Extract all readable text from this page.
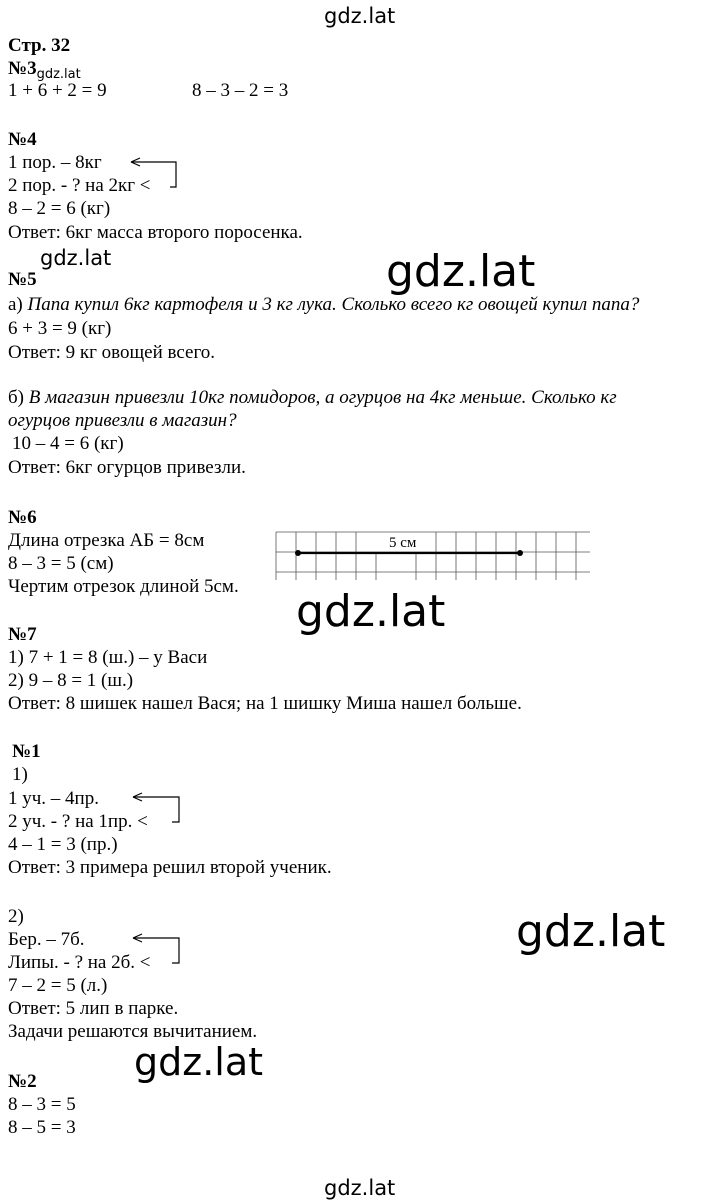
gdz.lat
gdz.lat	gdz.lat
gdz.lat
gdz.lat
gdz.lat
gdz.lat
Стр. 32
$№3_{gdz.lat}$
1 + 6 + 2 = 9	8 – 3 – 2 = 3
№4
1 пор. – 8кг
2 пор. - ? на 2кг <
8 – 2 = 6 (кг)
Ответ: 6кг масса второго поросенка.
№5
а) Папа купил 6кг картофеля и 3 кг лука. Сколько всего кг овощей купил папа?
6 + 3 = 9 (кг)
Ответ: 9 кг овощей всего.
б) В магазин привезли 10кг помидоров, а огурцов на 4кг меньше. Сколько кг
огурцов привезли в магазин?
10 – 4 = 6 (кг)
Ответ: 6кг огурцов привезли.
№6
Длина отрезка АБ = 8см
8 – 3 = 5 (см)
Чертим отрезок длиной 5см.
5 см
№7
1) 7 + 1 = 8 (ш.) – у Васи
2) 9 – 8 = 1 (ш.)
Ответ: 8 шишек нашел Вася; на 1 шишку Миша нашел больше.
№1
1)
1 уч. – 4пр.
2 уч. - ? на 1пр. <
4 – 1 = 3 (пр.)
Ответ: 3 примера решил второй ученик.
2)
Бер. – 7б.
Липы. - ? на 2б. <
7 – 2 = 5 (л.)
Ответ: 5 лип в парке.
Задачи решаются вычитанием.
№2
8 – 3 = 5
8 – 5 = 3
